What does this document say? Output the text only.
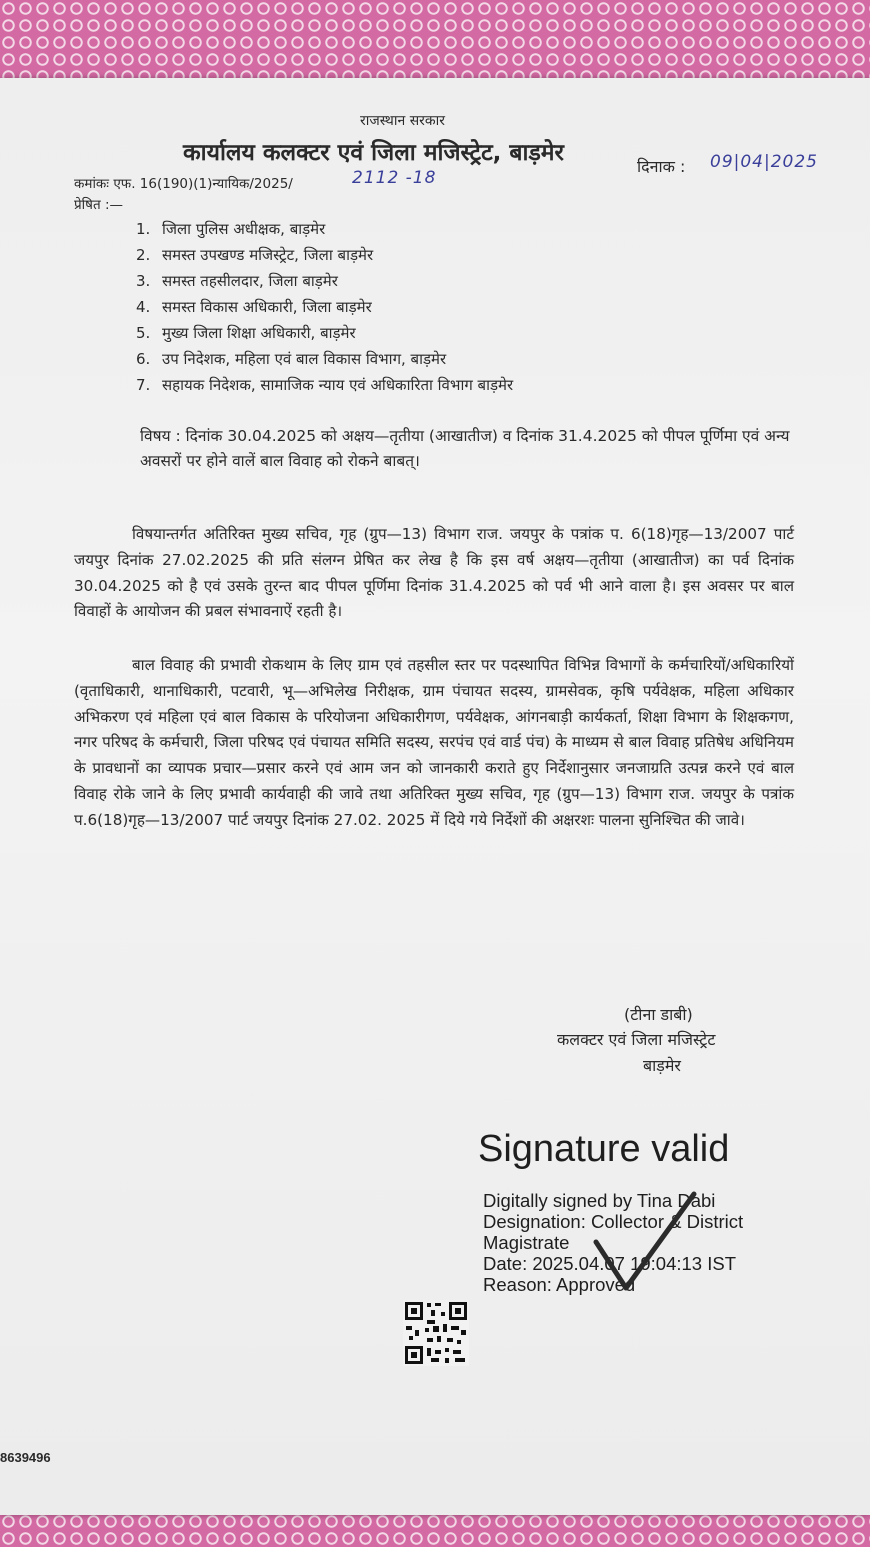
राजस्थान सरकार
कार्यालय कलक्टर एवं जिला मजिस्ट्रेट, बाड़मेर
दिनाक : 09|04|2025
कमांकः एफ. 16(190)(1)न्यायिक/2025/	2112 -18
प्रेषित :—
1. जिला पुलिस अधीक्षक, बाड़मेर
2. समस्त उपखण्ड मजिस्ट्रेट, जिला बाड़मेर
3. समस्त तहसीलदार, जिला बाड़मेर
4. समस्त विकास अधिकारी, जिला बाड़मेर
5. मुख्य जिला शिक्षा अधिकारी, बाड़मेर
6. उप निदेशक, महिला एवं बाल विकास विभाग, बाड़मेर
7. सहायक निदेशक, सामाजिक न्याय एवं अधिकारिता विभाग बाड़मेर
विषय : दिनांक 30.04.2025 को अक्षय—तृतीया (आखातीज) व दिनांक 31.4.2025 को पीपल पूर्णिमा एवं अन्य अवसरों पर होने वालें बाल विवाह को रोकने बाबत्।
विषयान्तर्गत अतिरिक्त मुख्य सचिव, गृह (ग्रुप—13) विभाग राज. जयपुर के पत्रांक प. 6(18)गृह—13/2007 पार्ट जयपुर दिनांक 27.02.2025 की प्रति संलग्न प्रेषित कर लेख है कि इस वर्ष अक्षय—तृतीया (आखातीज) का पर्व दिनांक 30.04.2025 को है एवं उसके तुरन्त बाद पीपल पूर्णिमा दिनांक 31.4.2025 को पर्व भी आने वाला है। इस अवसर पर बाल विवाहों के आयोजन की प्रबल संभावनाऐं रहती है।
बाल विवाह की प्रभावी रोकथाम के लिए ग्राम एवं तहसील स्तर पर पदस्थापित विभिन्न विभागों के कर्मचारियों/अधिकारियों (वृताधिकारी, थानाधिकारी, पटवारी, भू—अभिलेख निरीक्षक, ग्राम पंचायत सदस्य, ग्रामसेवक, कृषि पर्यवेक्षक, महिला अधिकार अभिकरण एवं महिला एवं बाल विकास के परियोजना अधिकारीगण, पर्यवेक्षक, आंगनबाड़ी कार्यकर्ता, शिक्षा विभाग के शिक्षकगण, नगर परिषद के कर्मचारी, जिला परिषद एवं पंचायत समिति सदस्य, सरपंच एवं वार्ड पंच) के माध्यम से बाल विवाह प्रतिषेध अधिनियम के प्रावधानों का व्यापक प्रचार—प्रसार करने एवं आम जन को जानकारी कराते हुए निर्देशानुसार जनजाग्रति उत्पन्न करने एवं बाल विवाह रोके जाने के लिए प्रभावी कार्यवाही की जावे तथा अतिरिक्त मुख्य सचिव, गृह (ग्रुप—13) विभाग राज. जयपुर के पत्रांक प.6(18)गृह—13/2007 पार्ट जयपुर दिनांक 27.02. 2025 में दिये गये निर्देशों की अक्षरशः पालना सुनिश्चित की जावे।
(टीना डाबी)
कलक्टर एवं जिला मजिस्ट्रेट
बाड़मेर
Signature valid
Digitally signed by Tina Dabi
Designation: Collector & District
Magistrate
Date: 2025.04.07 19:04:13 IST
Reason: Approved
8639496
